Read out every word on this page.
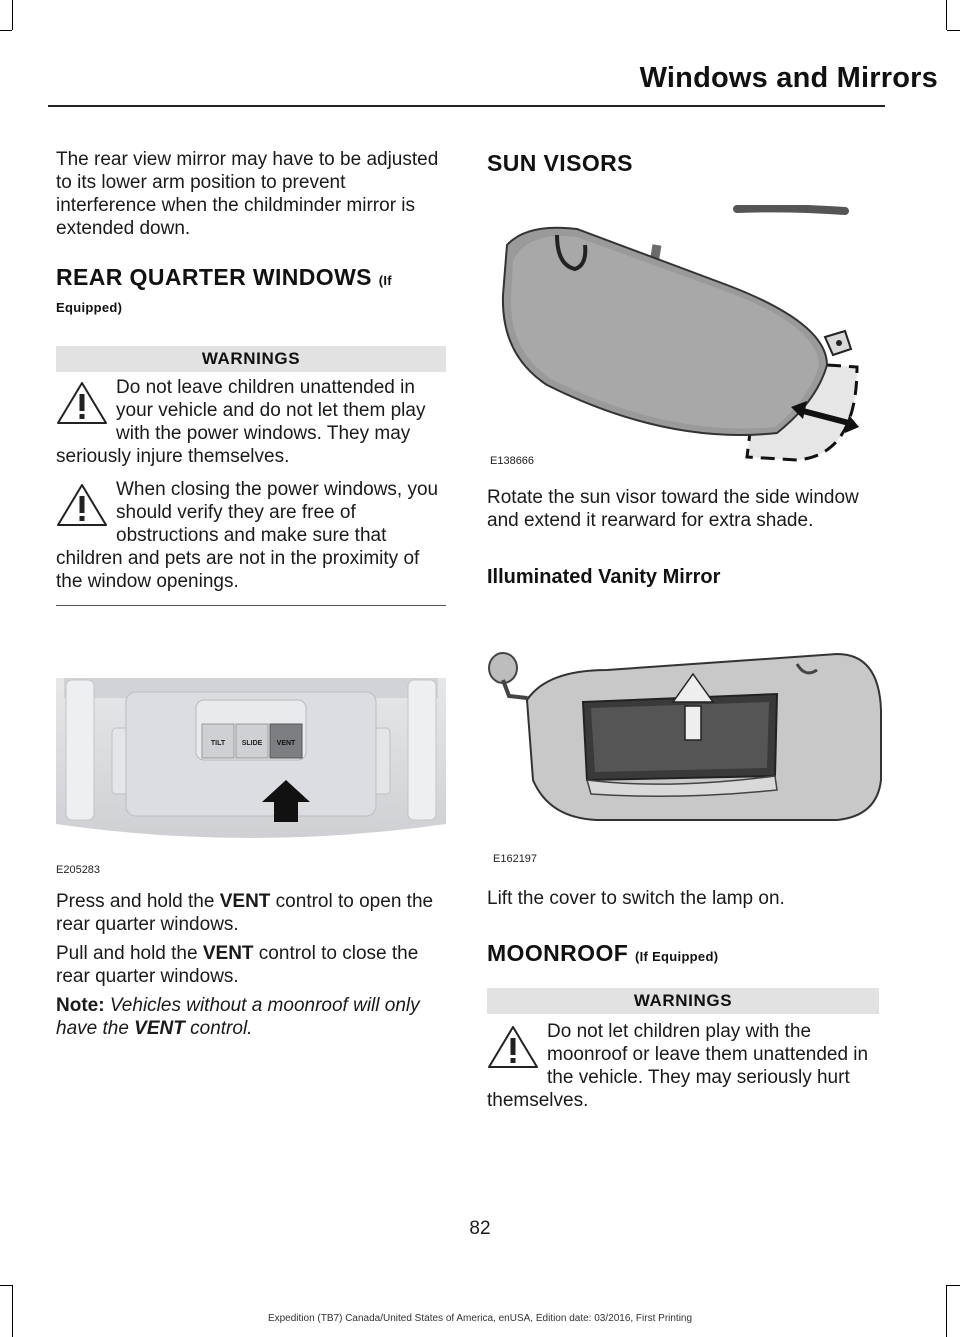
Windows and Mirrors

The rear view mirror may have to be adjusted to its lower arm position to prevent interference when the childminder mirror is extended down.

REAR QUARTER WINDOWS (If Equipped)
WARNINGS
Do not leave children unattended in your vehicle and do not let them play with the power windows. They may seriously injure themselves.
When closing the power windows, you should verify they are free of obstructions and make sure that children and pets are not in the proximity of the window openings.
TILT SLIDE VENT
E205283

Press and hold the VENT control to open the rear quarter windows.

Pull and hold the VENT control to close the rear quarter windows.

Note: Vehicles without a moonroof will only have the VENT control.

SUN VISORS
E138666

Rotate the sun visor toward the side window and extend it rearward for extra shade.

Illuminated Vanity Mirror
E162197

Lift the cover to switch the lamp on.

MOONROOF (If Equipped)
WARNINGS
Do not let children play with the moonroof or leave them unattended in the vehicle. They may seriously hurt themselves.
82
Expedition (TB7) Canada/United States of America, enUSA, Edition date: 03/2016, First Printing
